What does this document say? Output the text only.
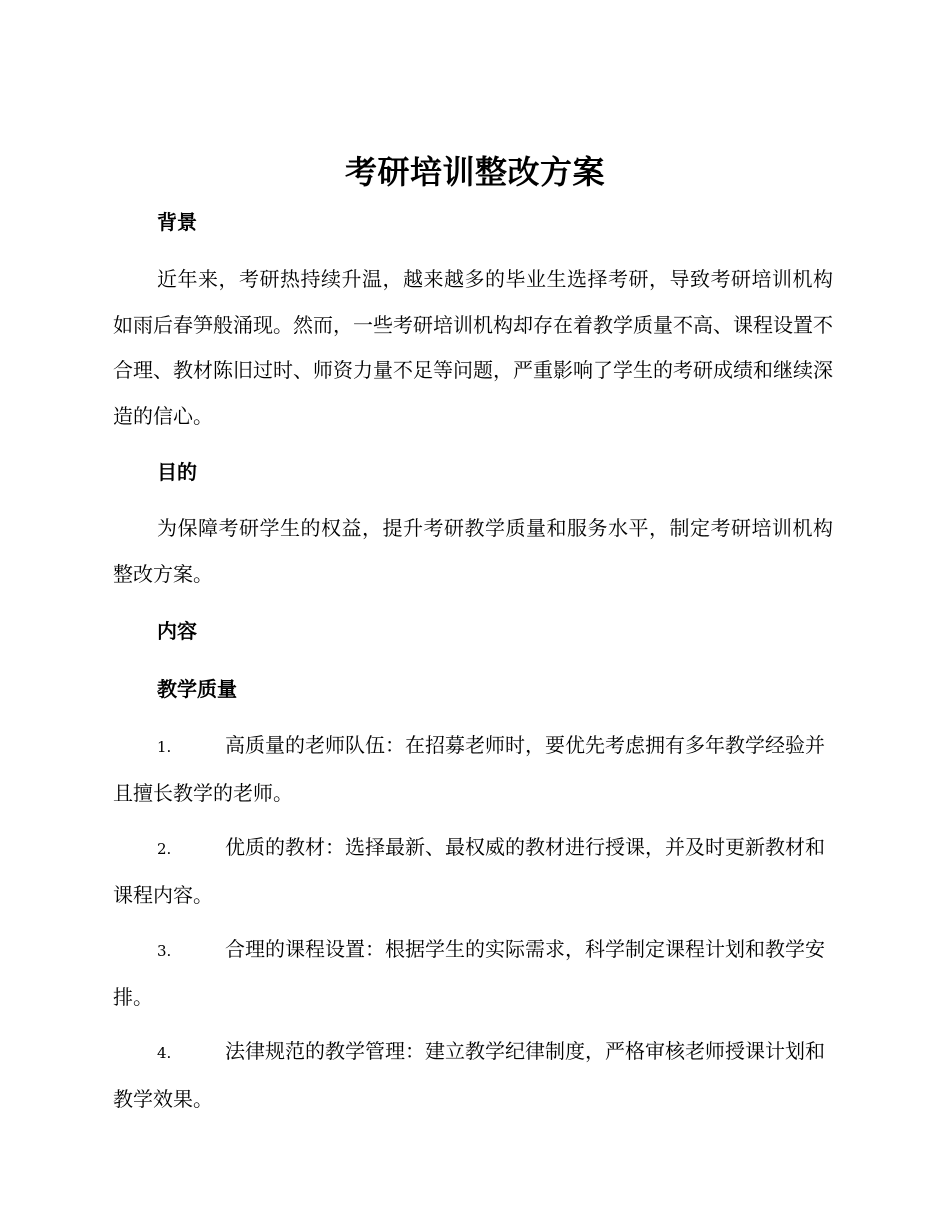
考研培训整改方案
背景

近年来，考研热持续升温，越来越多的毕业生选择考研，导致考研培训机构如雨后春笋般涌现。然而，一些考研培训机构却存在着教学质量不高、课程设置不合理、教材陈旧过时、师资力量不足等问题，严重影响了学生的考研成绩和继续深造的信心。

目的

为保障考研学生的权益，提升考研教学质量和服务水平，制定考研培训机构整改方案。

内容
教学质量

1.	高质量的老师队伍：在招募老师时，要优先考虑拥有多年教学经验并且擅长教学的老师。

2.	优质的教材：选择最新、最权威的教材进行授课，并及时更新教材和课程内容。

3.	合理的课程设置：根据学生的实际需求，科学制定课程计划和教学安排。

4.	法律规范的教学管理：建立教学纪律制度，严格审核老师授课计划和教学效果。
